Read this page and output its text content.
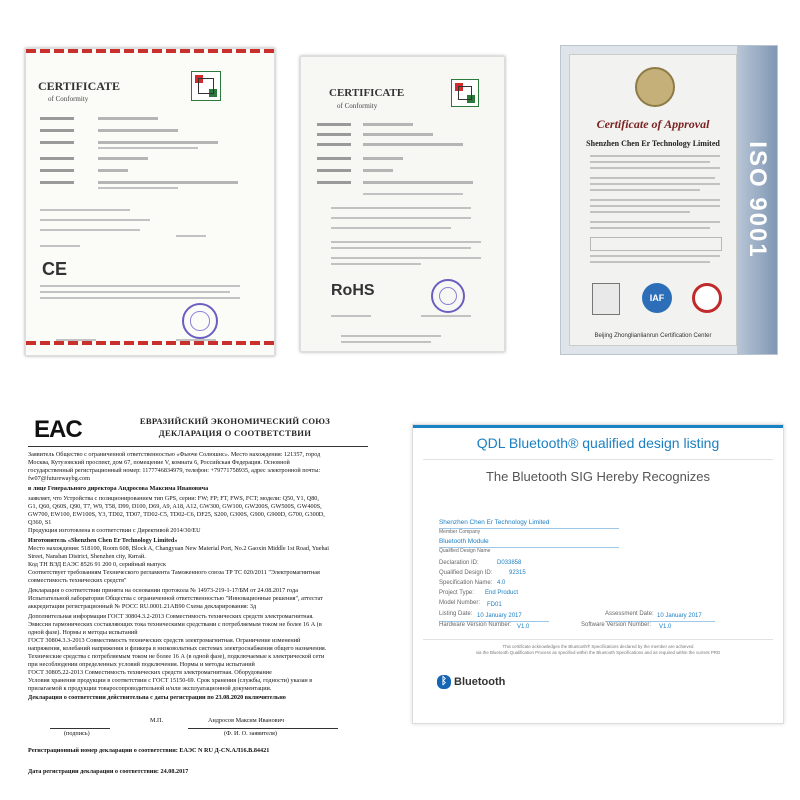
CERTIFICATE
of Conformity
CE
CERTIFICATE
of Conformity
RoHS
Certificate of Approval
Shenzhen Chen Er Technology Limited
IAF
Beijing Zhonglianlianrun Certification Center
ISO 9001
EAC	ЕВРАЗИЙСКИЙ ЭКОНОМИЧЕСКИЙ СОЮЗ
ДЕКЛАРАЦИЯ О СООТВЕТСТВИИ
Заявитель Общество с ограниченной ответственностью «Фьюче Солюшнс». Место нахождения: 121357, город
Москва, Кутузовский проспект, дом 67, помещение V, комната 6, Российская Федерация. Основной
государственный регистрационный номер: 1177746834979, телефон: +79771758935, адрес электронной почты:
fw07@futurewaybg.com
в лице Генерального директора Андросова Максима Ивановича
заявляет, что Устройства с позиционированием тип GPS, серии: FW; FP; FT, FWS, FCT; модели: Q50, Y1, Q80,
G1, Q60, Q60S, Q90, T7, W9, T58, D99, D100, D69, A9, A18, A12, GW300, GW100, GW200S, GW500S, GW400S,
GW700, EW100, EW100S, Y3, TD02, TD07, TD02-C5, TD02-C6, DF25, S200, G300S, G900, G900D, G700, G300D,
Q360, S1
Продукция изготовлена в соответствии с Директивой 2014/30/EU
Изготовитель «Shenzhen Chen Er Technology Limited»
Место нахождения: 518100, Room 608, Block A, Changyuan New Material Port, No.2 Gaoxin Middle 1st Road, Yuehai
Street, Nanshan District, Shenzhen city, Китай.
Код ТН ВЭД ЕАЭС 8526 91 200 0, серийный выпуск
Соответствует требованиям Технического регламента Таможенного союза ТР ТС 020/2011 "Электромагнитная
совместимость технических средств"
Декларация о соответствии принята на основании протокола № 14973-219-1-17/БМ от 24.08.2017 года
Испытательной лаборатории Общества с ограниченной ответственностью "Инновационные решения", аттестат
аккредитации регистрационный № РОСС RU.0001.21АВ90 Схема декларирования: 3д
Дополнительная информация ГОСТ 30804.3.2-2013 Совместимость технических средств электромагнитная.
Эмиссия гармонических составляющих тока техническими средствами с потребляемым током не более 16 А (в
одной фазе). Нормы и методы испытаний
ГОСТ 30804.3.3-2013 Совместимость технических средств электромагнитная. Ограничение изменений
напряжения, колебаний напряжения и фликера в низковольтных системах электроснабжения общего назначения.
Технические средства с потребляемым током не более 16 А (в одной фазе), подключаемые к электрической сети
при несоблюдении определенных условий подключения. Нормы и методы испытаний
ГОСТ 30805.22-2013 Совместимость технических средств электромагнитная. Оборудование
Условия хранения продукции в соответствии с ГОСТ 15150-69. Срок хранения (службы, годности) указан в
прилагаемой к продукции товаросопроводительной и/или эксплуатационной документации.
Декларация о соответствии действительна с даты регистрации по 23.08.2020 включительно
М.П.	Андросов Максим Иванович
(подпись)	(Ф. И. О. заявителя)
Регистрационный номер декларации о соответствии: ЕАЭС N RU Д-CN.АЛ16.В.84421
Дата регистрации декларации о соответствии: 24.08.2017
QDL Bluetooth® qualified design listing
The Bluetooth SIG Hereby Recognizes
Shenzhen Chen Er Technology Limited
Member Company
Bluetooth Module
Qualified Design Name
Declaration ID:	D033858
Qualified Design ID:	92315
Specification Name: 4.0
Project Type: End Product
Model Number: FD01
Listing Date: 10 January 2017	Assessment Date: 10 January 2017
Hardware Version Number: V1.0	Software Version Number: V1.0
This certificate acknowledges the Bluetooth® Specifications declared by the member are achieved
via the Bluetooth Qualification Process as specified within the Bluetooth Specifications and as required within the current PRD
ᛒ Bluetooth
